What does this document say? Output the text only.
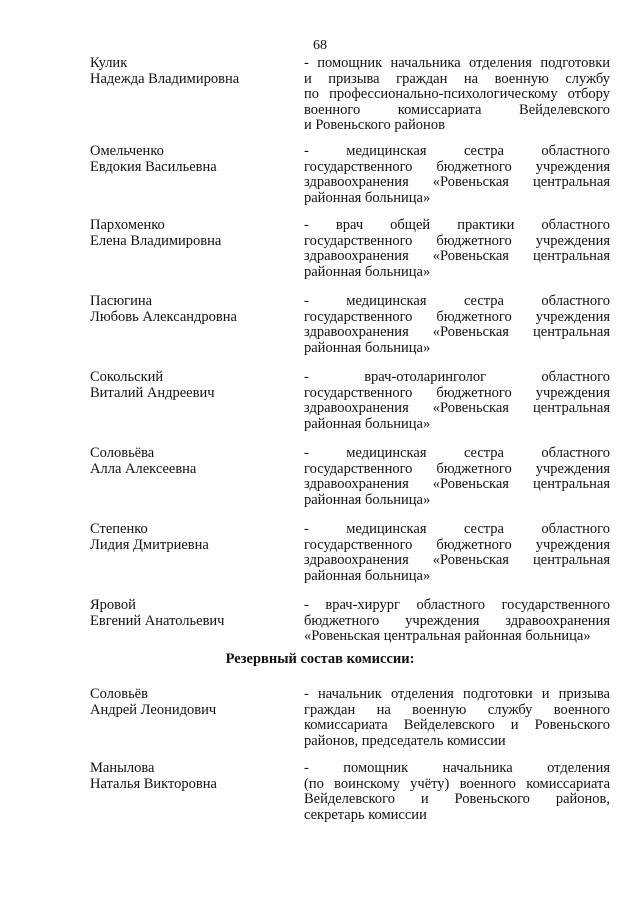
68
Кулик
Надежда Владимировна
- помощник начальника отделения подготовки
и призыва граждан на военную службу
по профессионально-психологическому отбору
военного комиссариата Вейделевского
и Ровеньского районов
Омельченко
Евдокия Васильевна
- медицинская сестра областного
государственного бюджетного учреждения
здравоохранения «Ровеньская центральная
районная больница»
Пархоменко
Елена Владимировна
- врач общей практики областного
государственного бюджетного учреждения
здравоохранения «Ровеньская центральная
районная больница»
Пасюгина
Любовь Александровна
- медицинская сестра областного
государственного бюджетного учреждения
здравоохранения «Ровеньская центральная
районная больница»
Сокольский
Виталий Андреевич
- врач-отоларинголог областного
государственного бюджетного учреждения
здравоохранения «Ровеньская центральная
районная больница»
Соловьёва
Алла Алексеевна
- медицинская сестра областного
государственного бюджетного учреждения
здравоохранения «Ровеньская центральная
районная больница»
Степенко
Лидия Дмитриевна
- медицинская сестра областного
государственного бюджетного учреждения
здравоохранения «Ровеньская центральная
районная больница»
Яровой
Евгений Анатольевич
- врач-хирург областного государственного
бюджетного учреждения здравоохранения
«Ровеньская центральная районная больница»
Резервный состав комиссии:
Соловьёв
Андрей Леонидович
- начальник отделения подготовки и призыва
граждан на военную службу военного
комиссариата Вейделевского и Ровеньского
районов, председатель комиссии
Манылова
Наталья Викторовна
- помощник начальника отделения
(по воинскому учёту) военного комиссариата
Вейделевского и Ровеньского районов,
секретарь комиссии
